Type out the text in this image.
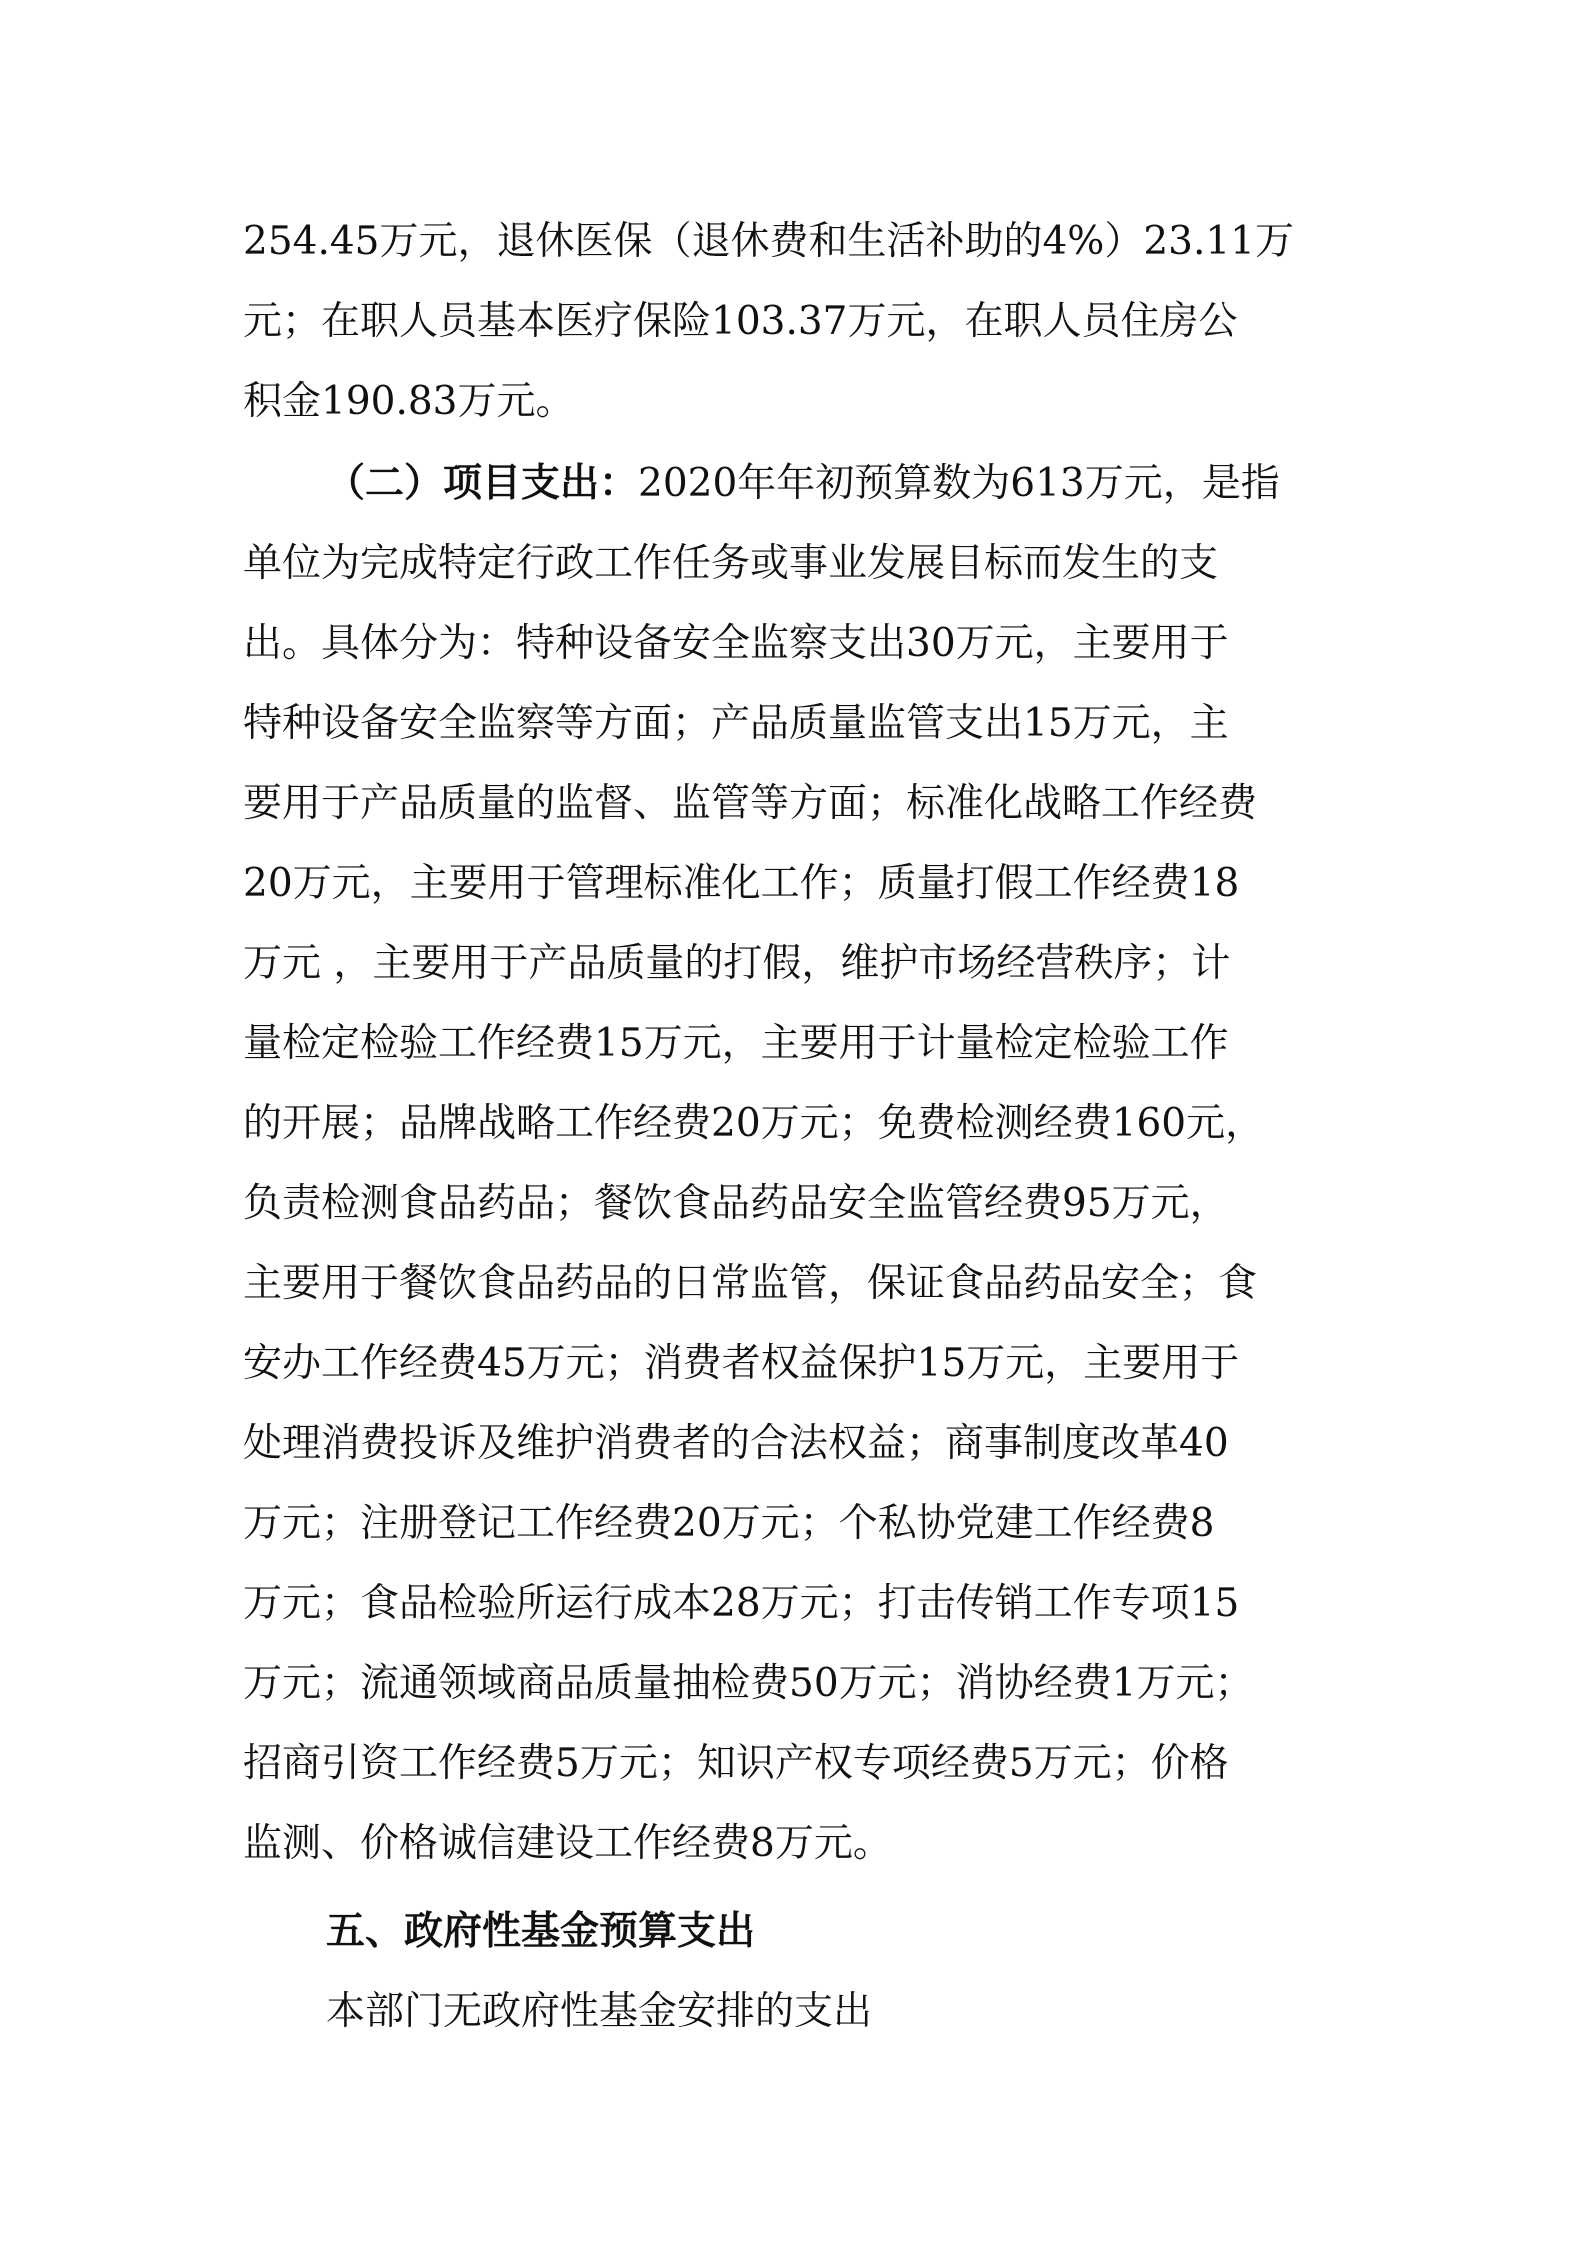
254.45万元，退休医保（退休费和生活补助的4%）23.11万
元；在职人员基本医疗保险103.37万元，在职人员住房公
积金190.83万元。
（二）项目支出：2020年年初预算数为613万元，是指
单位为完成特定行政工作任务或事业发展目标而发生的支
出。具体分为：特种设备安全监察支出30万元，主要用于
特种设备安全监察等方面；产品质量监管支出15万元，主
要用于产品质量的监督、监管等方面；标准化战略工作经费
20万元，主要用于管理标准化工作；质量打假工作经费18
万元 ，主要用于产品质量的打假，维护市场经营秩序；计
量检定检验工作经费15万元，主要用于计量检定检验工作
的开展；品牌战略工作经费20万元；免费检测经费160元，
负责检测食品药品；餐饮食品药品安全监管经费95万元，
主要用于餐饮食品药品的日常监管，保证食品药品安全；食
安办工作经费45万元；消费者权益保护15万元，主要用于
处理消费投诉及维护消费者的合法权益；商事制度改革40
万元；注册登记工作经费20万元；个私协党建工作经费8
万元；食品检验所运行成本28万元；打击传销工作专项15
万元；流通领域商品质量抽检费50万元；消协经费1万元；
招商引资工作经费5万元；知识产权专项经费5万元；价格
监测、价格诚信建设工作经费8万元。
五、政府性基金预算支出
本部门无政府性基金安排的支出
